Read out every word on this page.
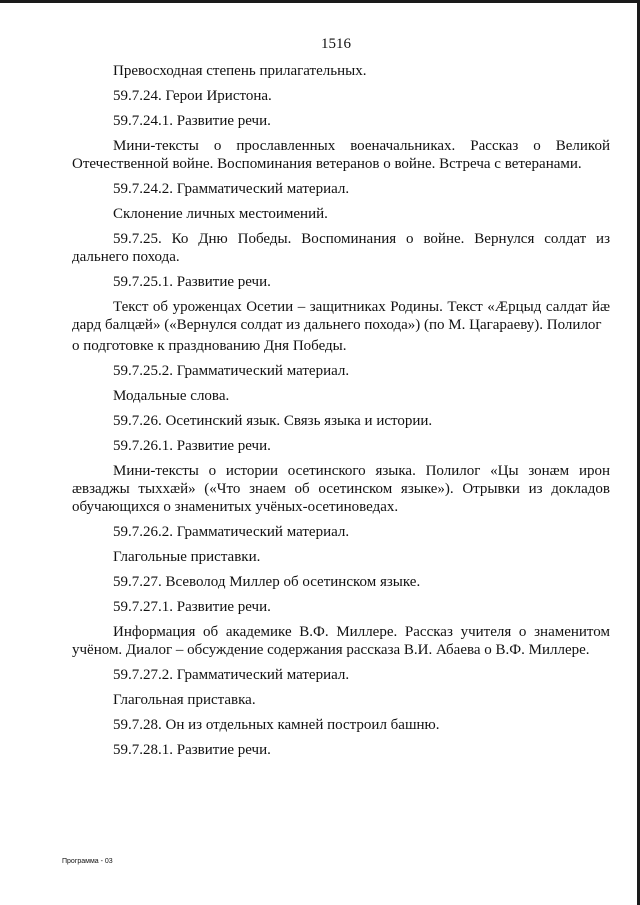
1516

Превосходная степень прилагательных.

59.7.24. Герои Иристона.

59.7.24.1. Развитие речи.

Мини-тексты о прославленных военачальниках. Рассказ о Великой Отечественной войне. Воспоминания ветеранов о войне. Встреча с ветеранами.

59.7.24.2. Грамматический материал.

Склонение личных местоимений.

59.7.25. Ко Дню Победы. Воспоминания о войне. Вернулся солдат из дальнего похода.

59.7.25.1. Развитие речи.

Текст об уроженцах Осетии – защитниках Родины. Текст «Ӕрцыд салдат йæ дард балцæй» («Вернулся солдат из дальнего похода») (по М. Цагараеву). Полилог

о подготовке к празднованию Дня Победы.

59.7.25.2. Грамматический материал.

Модальные слова.

59.7.26. Осетинский язык. Связь языка и истории.

59.7.26.1. Развитие речи.

Мини-тексты о истории осетинского языка. Полилог «Цы зонæм ирон æвзаджы тыххæй» («Что знаем об осетинском языке»). Отрывки из докладов обучающихся о знаменитых учёных-осетиноведах.

59.7.26.2. Грамматический материал.

Глагольные приставки.

59.7.27. Всеволод Миллер об осетинском языке.

59.7.27.1. Развитие речи.

Информация об академике В.Ф. Миллере. Рассказ учителя о знаменитом учёном. Диалог – обсуждение содержания рассказа В.И. Абаева о В.Ф. Миллере.

59.7.27.2. Грамматический материал.

Глагольная приставка.

59.7.28. Он из отдельных камней построил башню.

59.7.28.1. Развитие речи.

Программа - 03
